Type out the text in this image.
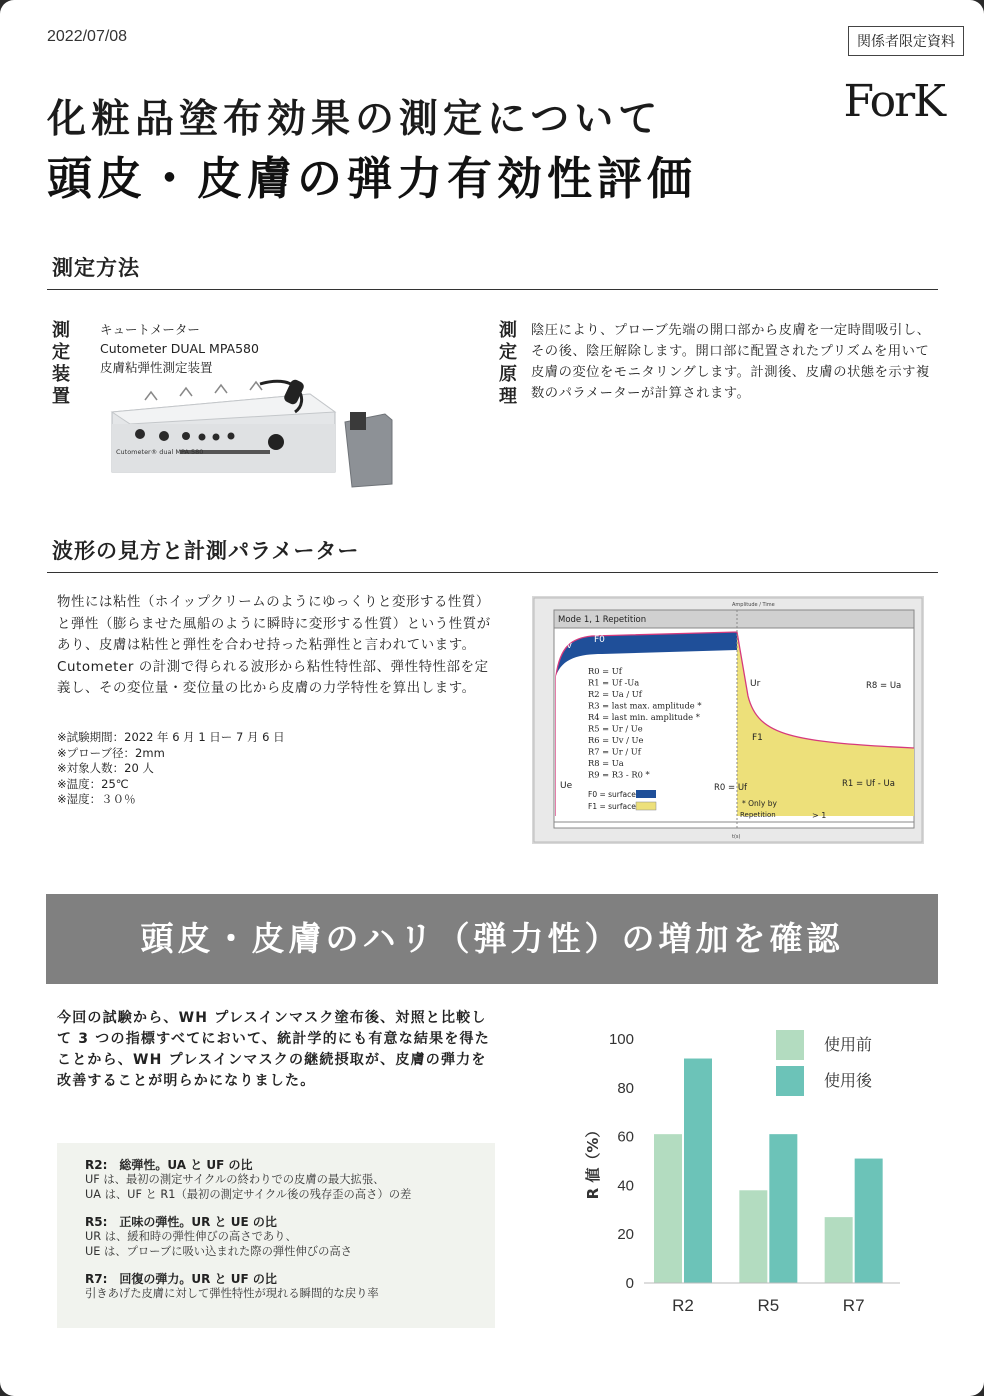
2022/07/08	関係者限定資料
ForK
化粧品塗布効果の測定について
頭皮・皮膚の弾力有効性評価
測定方法
測
定
装
置
キュートメーター
Cutometer DUAL MPA580
皮膚粘弾性測定装置
Cutometer® dual MPA 580
測
定
原
理
陰圧により、プローブ先端の開口部から皮膚を一定時間吸引し、その後、陰圧解除します。開口部に配置されたプリズムを用いて皮膚の変位をモニタリングします。計測後、皮膚の状態を示す複数のパラメーターが計算されます。
波形の見方と計測パラメーター
物性には粘性（ホイップクリームのようにゆっくりと変形する性質）と弾性（膨らませた風船のように瞬時に変形する性質）という性質があり、皮膚は粘性と弾性を合わせ持った粘弾性と言われています。Cutometer の計測で得られる波形から粘性特性部、弾性特性部を定義し、その変位量・変位量の比から皮膚の力学特性を算出します。
※試験期間：2022 年 6 月 1 日ー 7 月 6 日
※プローブ径：2mm
※対象人数：20 人
※温度：25℃
※湿度：３０％
Amplitude / Time
Mode 1, 1 Repetition
Uv
F0
Ue
Ur
F1
R8 = Ua
R0 = Uf	R1 = Uf - Ua
R0 = Uf
R1 = Uf -Ua
R2 = Ua / Uf
R3 = last max. amplitude *
R4 = last min. amplitude *
R5 = Ur / Ue
R6 = Uv / Ue
R7 = Ur / Uf
R8 = Ua
R9 = R3 - R0 *
F0 = surface
F1 = surface	* Only by
Repetition	> 1
t(s)
頭皮・皮膚のハリ（弾力性）の増加を確認
今回の試験から、WH プレスインマスク塗布後、対照と比較して 3 つの指標すべてにおいて、統計学的にも有意な結果を得たことから、WH プレスインマスクの継続摂取が、皮膚の弾力を改善することが明らかになりました。
R2:　総弾性。UA と UF の比
UF は、最初の測定サイクルの終わりでの皮膚の最大拡張、
UA は、UF と R1（最初の測定サイクル後の残存歪の高さ）の差
R5:　正味の弾性。UR と UE の比
UR は、緩和時の弾性伸びの高さであり、
UE は、プローブに吸い込まれた際の弾性伸びの高さ
R7:　回復の弾力。UR と UF の比
引きあげた皮膚に対して弾性特性が現れる瞬間的な戻り率
0
20
40
60
80
100
R 値（%）
R2	R5	R7
使用前
使用後
